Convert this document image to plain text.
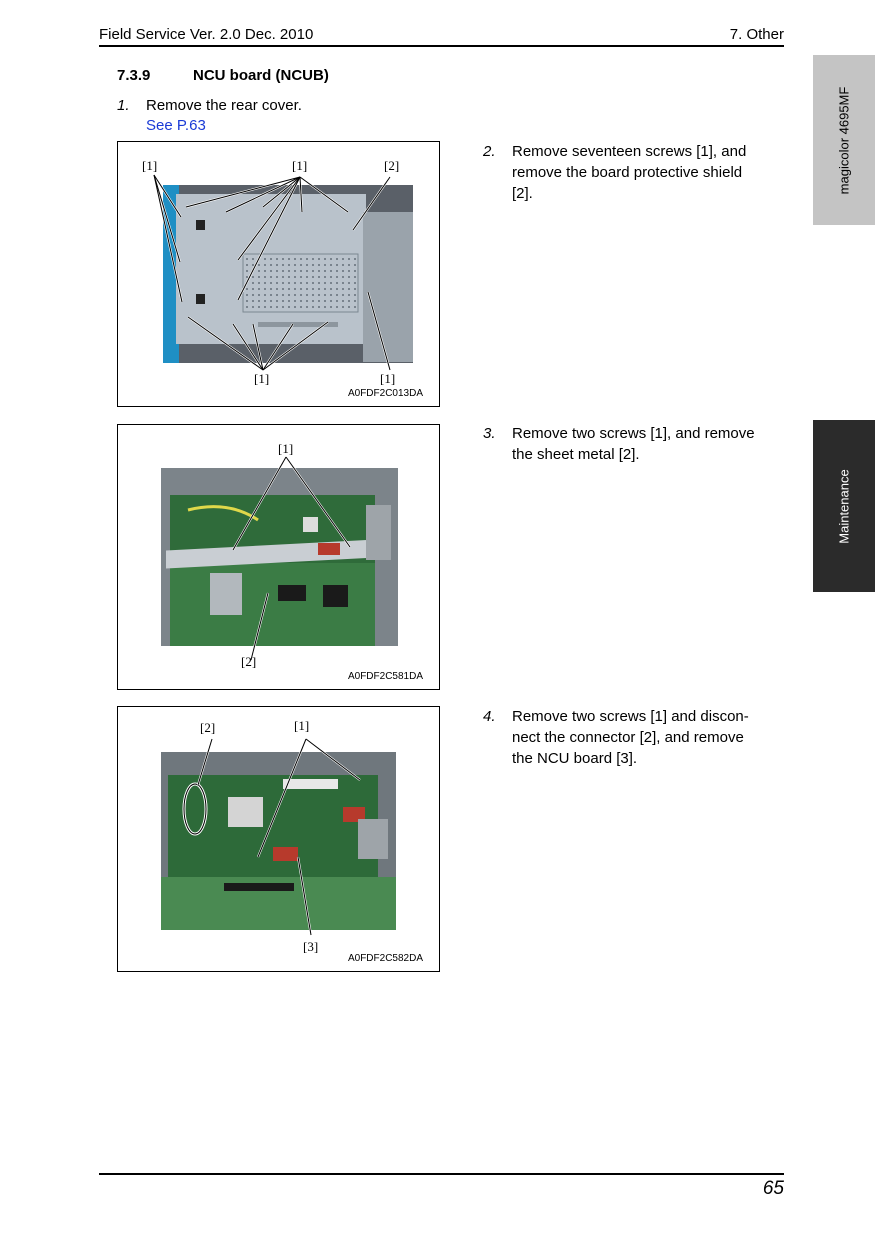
Field Service Ver. 2.0 Dec. 2010	7. Other
magicolor 4695MF
Maintenance
7.3.9	NCU board (NCUB)
1. Remove the rear cover.
See P.63
[1]	[1]	[2]
[1]	[1]
A0FDF2C013DA
2. Remove seventeen screws [1], and
remove the board protective shield
[2].
[1]
[2]
A0FDF2C581DA
3. Remove two screws [1], and remove
the sheet metal [2].
[2]	[1]
[3]
A0FDF2C582DA
4. Remove two screws [1] and discon-
nect the connector [2], and remove
the NCU board [3].
65
